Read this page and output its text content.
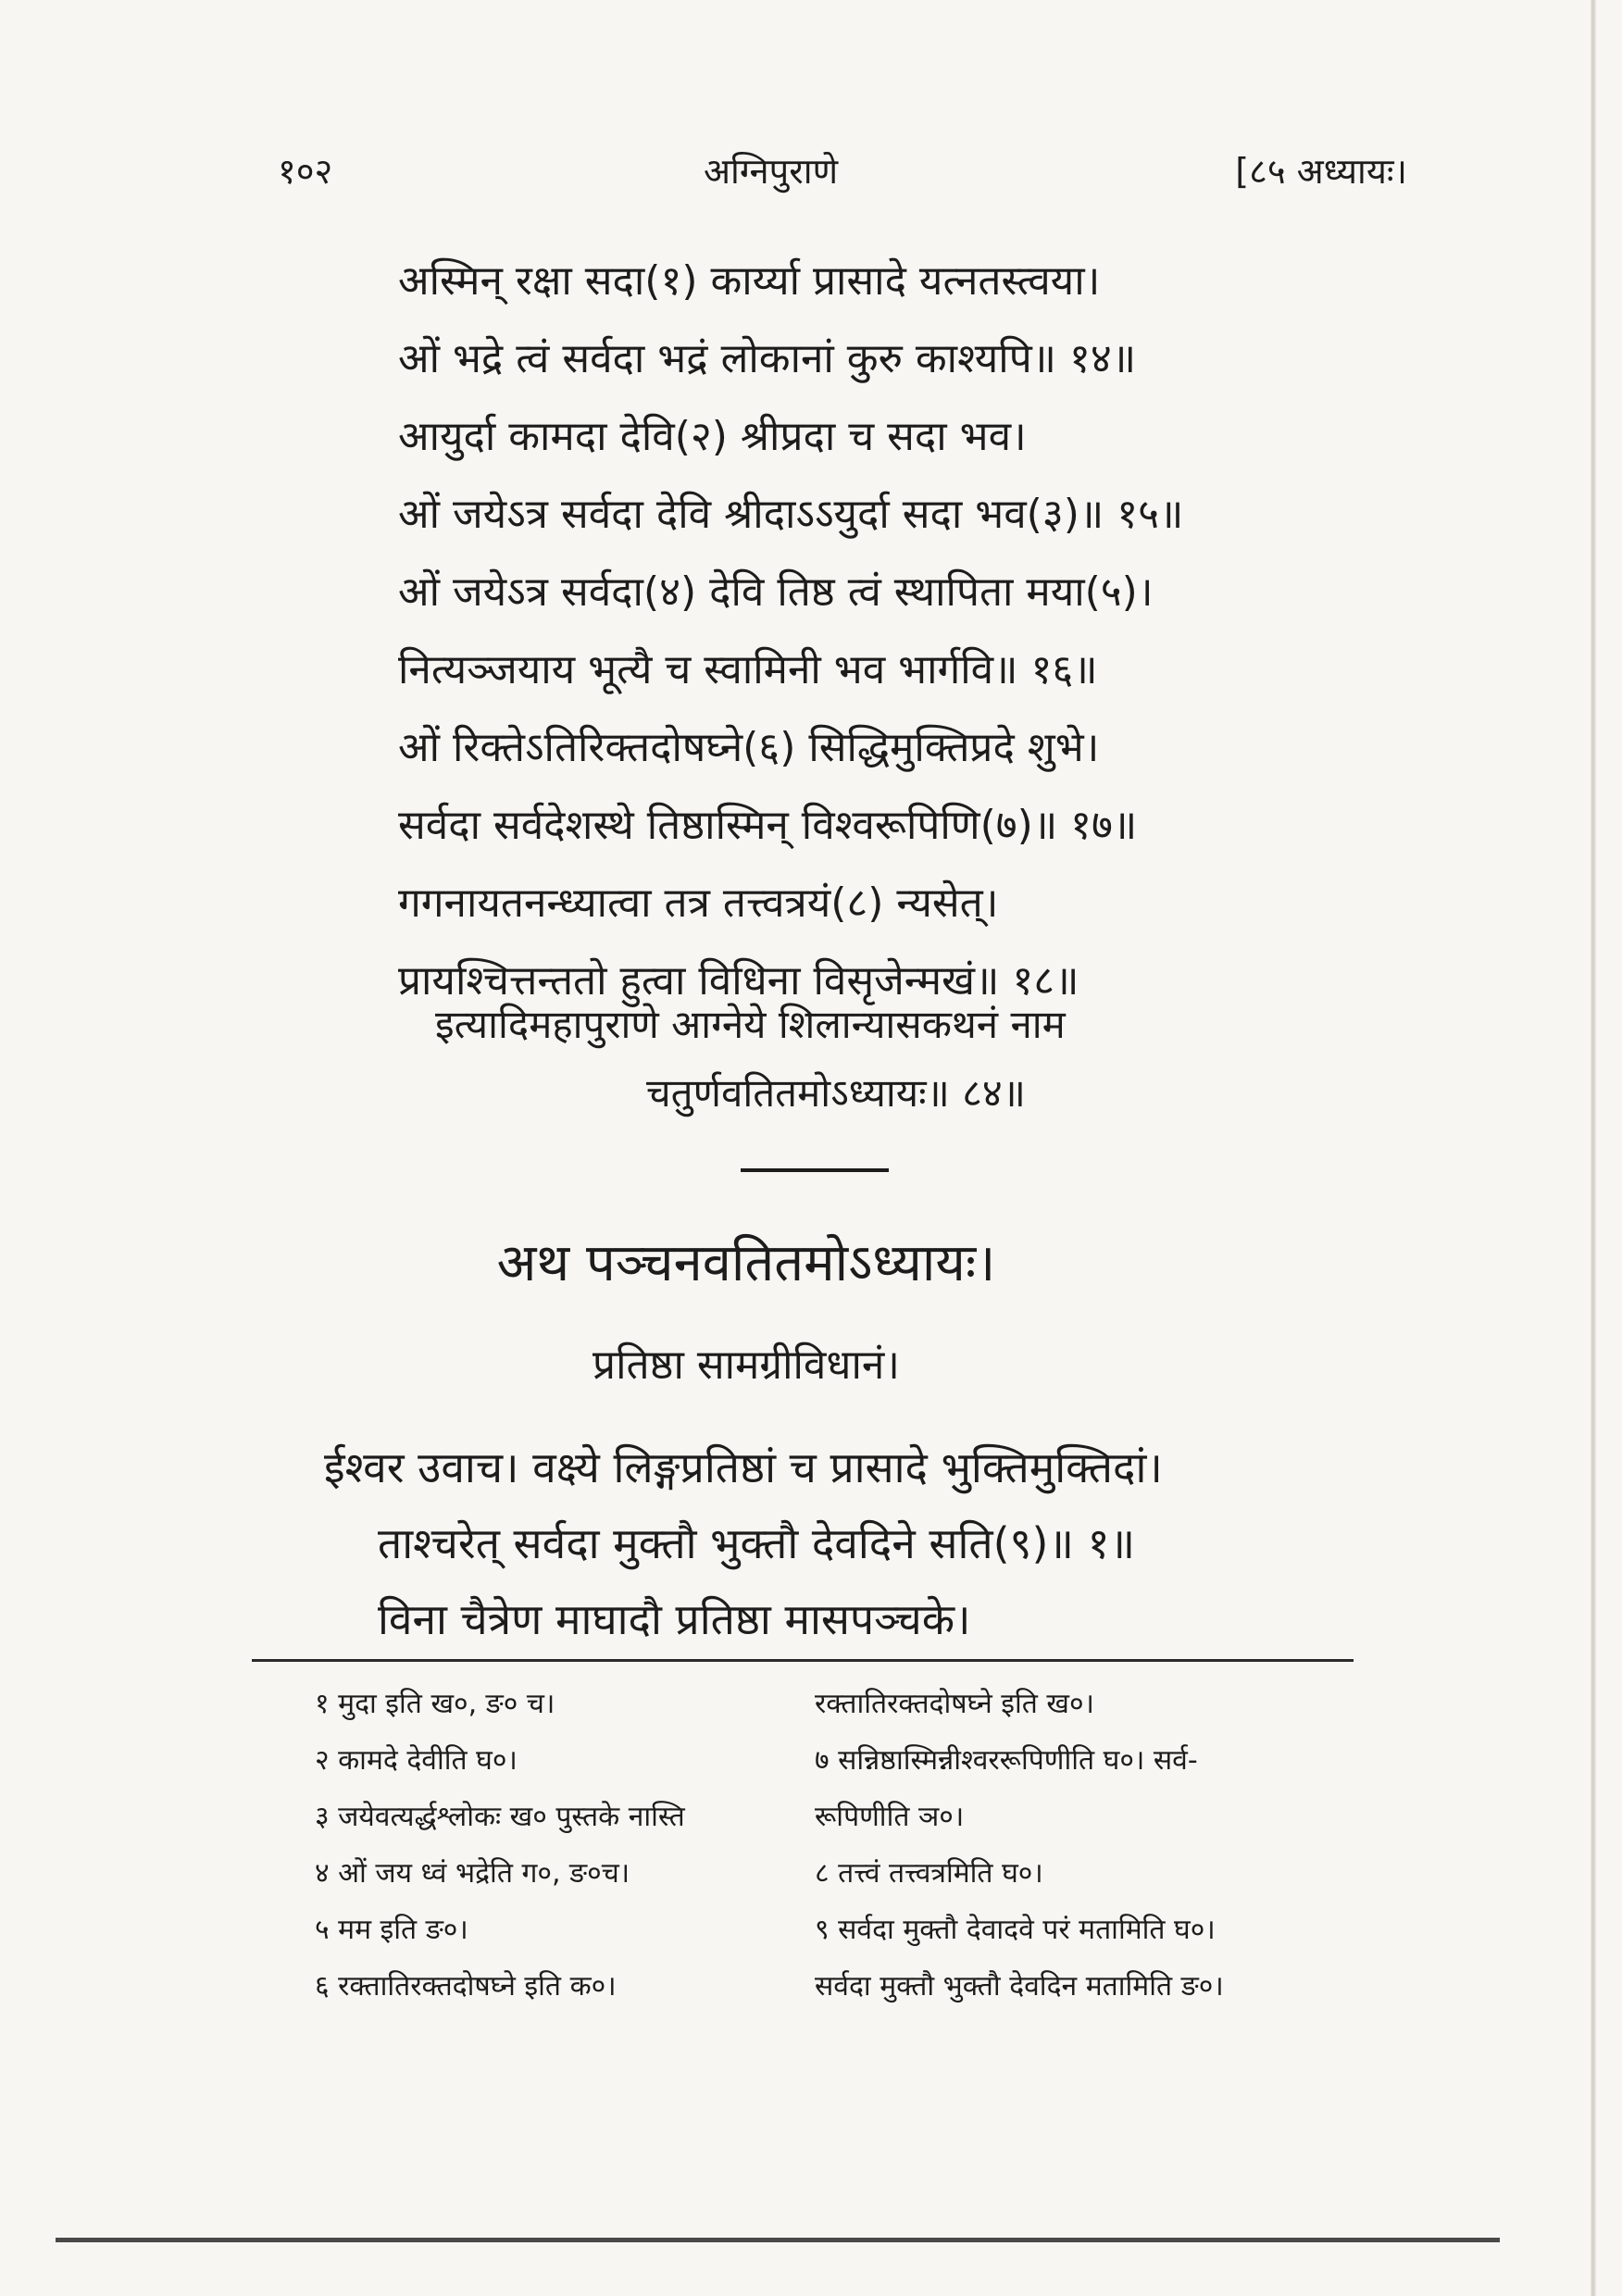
१०२	अग्निपुराणे	[८५ अध्यायः।
अस्मिन् रक्षा सदा(१) कार्य्या प्रासादे यत्नतस्त्वया।
ओं भद्रे त्वं सर्वदा भद्रं लोकानां कुरु काश्यपि॥ १४॥
आयुर्दा कामदा देवि(२) श्रीप्रदा च सदा भव।
ओं जयेऽत्र सर्वदा देवि श्रीदाऽऽयुर्दा सदा भव(३)॥ १५॥
ओं जयेऽत्र सर्वदा(४) देवि तिष्ठ त्वं स्थापिता मया(५)।
नित्यञ्जयाय भूत्यै च स्वामिनी भव भार्गवि॥ १६॥
ओं रिक्तेऽतिरिक्तदोषघ्ने(६) सिद्धिमुक्तिप्रदे शुभे।
सर्वदा सर्वदेशस्थे तिष्ठास्मिन् विश्वरूपिणि(७)॥ १७॥
गगनायतनन्ध्यात्वा तत्र तत्त्वत्रयं(८) न्यसेत्।
प्रायश्चित्तन्ततो हुत्वा विधिना विसृजेन्मखं॥ १८॥
इत्यादिमहापुराणे आग्नेये शिलान्यासकथनं नाम
चतुर्णवतितमोऽध्यायः॥ ८४॥
अथ पञ्चनवतितमोऽध्यायः।
प्रतिष्ठा सामग्रीविधानं।
ईश्वर उवाच। वक्ष्ये लिङ्गप्रतिष्ठां च प्रासादे भुक्तिमुक्तिदां।
ताश्चरेत् सर्वदा मुक्तौ भुक्तौ देवदिने सति(९)॥ १॥
विना चैत्रेण माघादौ प्रतिष्ठा मासपञ्चके।
१ मुदा इति ख०, ङ० च।	रक्तातिरक्तदोषघ्ने इति ख०।
२ कामदे देवीति घ०।	७ सन्निष्ठास्मिन्नीश्वररूपिणीति घ०। सर्व-
३ जयेवत्यर्द्धश्लोकः ख० पुस्तके नास्ति	रूपिणीति ञ०।
४ ओं जय ध्वं भद्रेति ग०, ङ०च।	८ तत्त्वं तत्त्वत्रमिति घ०।
५ मम इति ङ०।	९ सर्वदा मुक्तौ देवादवे परं मतामिति घ०।
६ रक्तातिरक्तदोषघ्ने इति क०।	सर्वदा मुक्तौ भुक्तौ देवदिन मतामिति ङ०।
